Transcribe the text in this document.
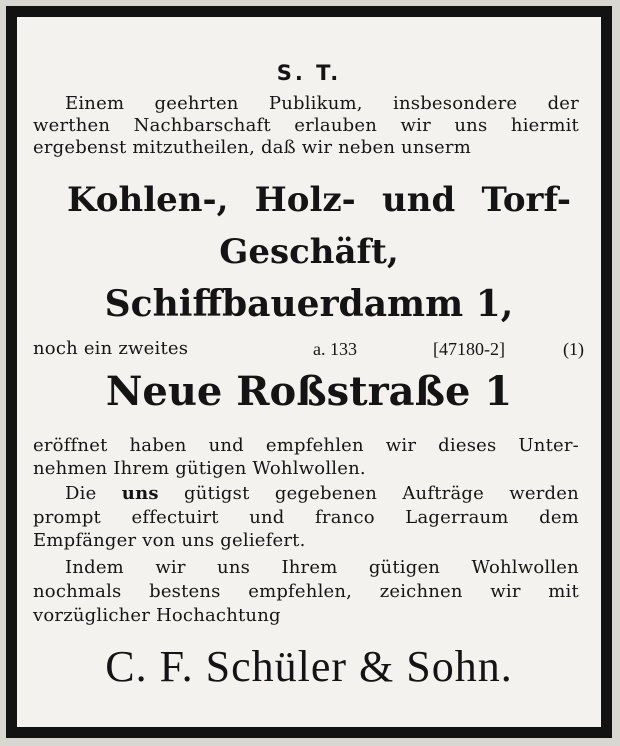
S. T.
Einem geehrten Publikum, insbesondere der
werthen Nachbarschaft erlauben wir uns hiermit
ergebenst mitzutheilen, daß wir neben unserm
Kohlen-, Holz- und Torf-
Geschäft,
Schiffbauerdamm 1,
noch ein zweites	a. 133	[47180-2]	(1)
Neue Roßstraße 1
eröffnet haben und empfehlen wir dieses Unter-
nehmen Ihrem gütigen Wohlwollen.
Die uns gütigst gegebenen Aufträge werden
prompt effectuirt und franco Lagerraum dem
Empfänger von uns geliefert.
Indem wir uns Ihrem gütigen Wohlwollen
nochmals bestens empfehlen, zeichnen wir mit
vorzüglicher Hochachtung
C. F. Schüler & Sohn.
